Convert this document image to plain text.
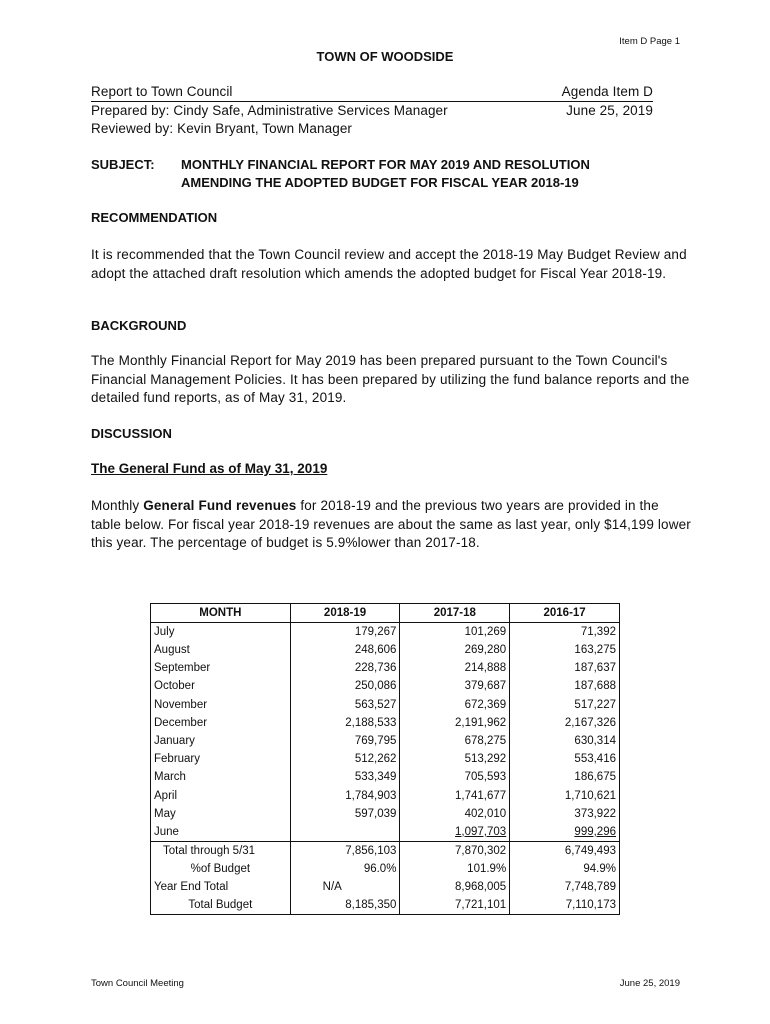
Item D Page 1
TOWN OF WOODSIDE
Report to Town Council
Prepared by: Cindy Safe, Administrative Services Manager
Reviewed by: Kevin Bryant, Town Manager
Agenda Item D
June 25, 2019
SUBJECT: MONTHLY FINANCIAL REPORT FOR MAY 2019 AND RESOLUTION
AMENDING THE ADOPTED BUDGET FOR FISCAL YEAR 2018-19
RECOMMENDATION
It is recommended that the Town Council review and accept the 2018-19 May Budget Review and adopt the attached draft resolution which amends the adopted budget for Fiscal Year 2018-19.
BACKGROUND
The Monthly Financial Report for May 2019 has been prepared pursuant to the Town Council's Financial Management Policies. It has been prepared by utilizing the fund balance reports and the detailed fund reports, as of May 31, 2019.
DISCUSSION
The General Fund as of May 31, 2019
Monthly General Fund revenues for 2018-19 and the previous two years are provided in the table below. For fiscal year 2018-19 revenues are about the same as last year, only $14,199 lower this year. The percentage of budget is 5.9%lower than 2017-18.
MONTH	2018-19	2017-18	2016-17
July	179,267	101,269	71,392
August	248,606	269,280	163,275
September	228,736	214,888	187,637
October	250,086	379,687	187,688
November	563,527	672,369	517,227
December	2,188,533	2,191,962	2,167,326
January	769,795	678,275	630,314
February	512,262	513,292	553,416
March	533,349	705,593	186,675
April	1,784,903	1,741,677	1,710,621
May	597,039	402,010	373,922
June		1,097,703	999,296
Total through 5/31	7,856,103	7,870,302	6,749,493
%of Budget	96.0%	101.9%	94.9%
Year End Total	N/A	8,968,005	7,748,789
Total Budget	8,185,350	7,721,101	7,110,173
Town Council Meeting	June 25, 2019
